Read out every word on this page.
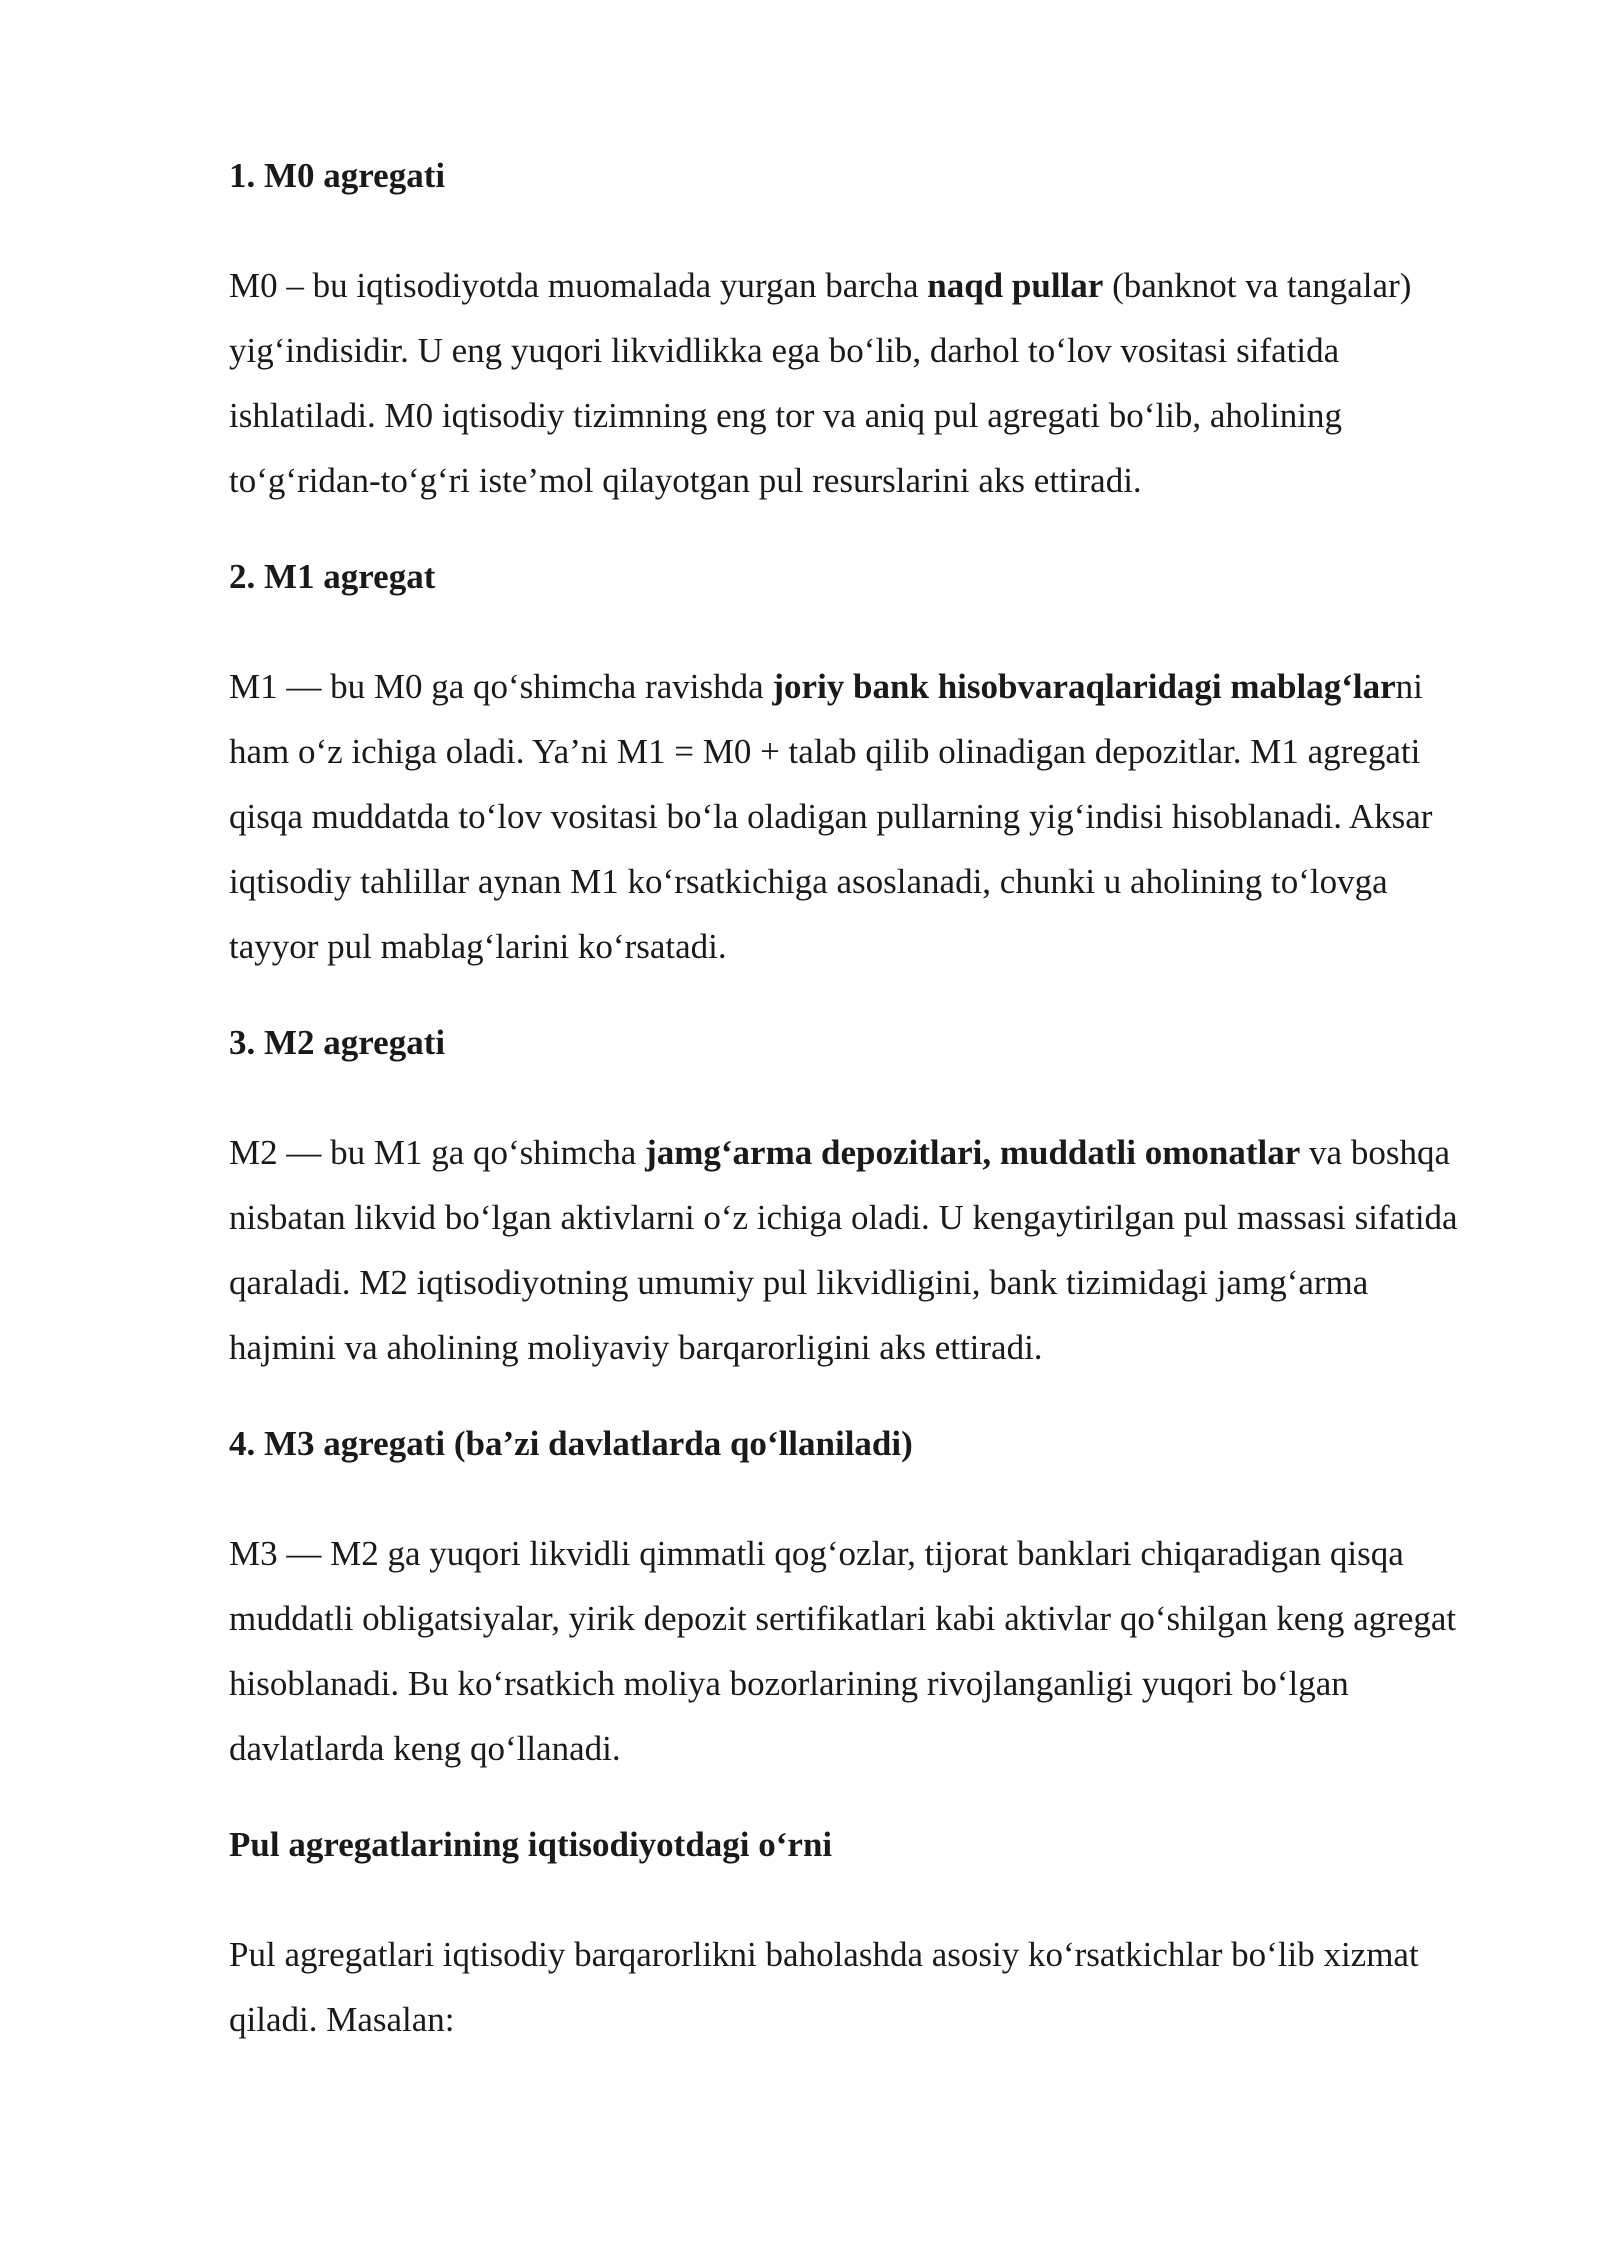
1. M0 agregati

M0 – bu iqtisodiyotda muomalada yurgan barcha naqd pullar (banknot va tangalar) yig‘indisidir. U eng yuqori likvidlikka ega bo‘lib, darhol to‘lov vositasi sifatida ishlatiladi. M0 iqtisodiy tizimning eng tor va aniq pul agregati bo‘lib, aholining to‘g‘ridan-to‘g‘ri iste’mol qilayotgan pul resurslarini aks ettiradi.

2. M1 agregat

M1 — bu M0 ga qo‘shimcha ravishda joriy bank hisobvaraqlaridagi mablag‘larni ham o‘z ichiga oladi. Ya’ni M1 = M0 + talab qilib olinadigan depozitlar. M1 agregati qisqa muddatda to‘lov vositasi bo‘la oladigan pullarning yig‘indisi hisoblanadi. Aksar iqtisodiy tahlillar aynan M1 ko‘rsatkichiga asoslanadi, chunki u aholining to‘lovga tayyor pul mablag‘larini ko‘rsatadi.

3. M2 agregati

M2 — bu M1 ga qo‘shimcha jamg‘arma depozitlari, muddatli omonatlar va boshqa nisbatan likvid bo‘lgan aktivlarni o‘z ichiga oladi. U kengaytirilgan pul massasi sifatida qaraladi. M2 iqtisodiyotning umumiy pul likvidligini, bank tizimidagi jamg‘arma hajmini va aholining moliyaviy barqarorligini aks ettiradi.

4. M3 agregati (ba’zi davlatlarda qo‘llaniladi)

M3 — M2 ga yuqori likvidli qimmatli qog‘ozlar, tijorat banklari chiqaradigan qisqa muddatli obligatsiyalar, yirik depozit sertifikatlari kabi aktivlar qo‘shilgan keng agregat hisoblanadi. Bu ko‘rsatkich moliya bozorlarining rivojlanganligi yuqori bo‘lgan davlatlarda keng qo‘llanadi.

Pul agregatlarining iqtisodiyotdagi o‘rni

Pul agregatlari iqtisodiy barqarorlikni baholashda asosiy ko‘rsatkichlar bo‘lib xizmat qiladi. Masalan:
